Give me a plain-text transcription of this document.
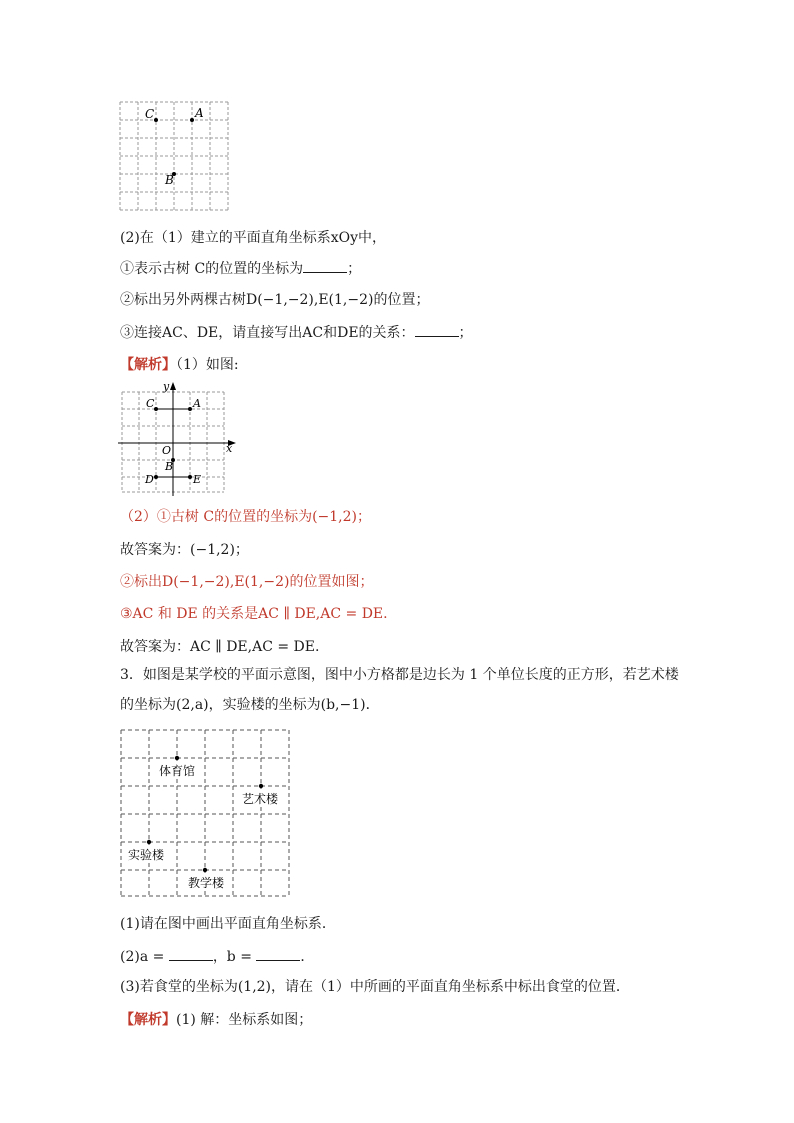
C	A
B
(2)在（1）建立的平面直角坐标系xOy中，
①表示古树 C的位置的坐标为	；
②标出另外两棵古树D(−1,−2),E(1,−2)的位置；
③连接AC、DE，请直接写出AC和DE的关系：	；
【解析】（1）如图:
y
x
O
C	A
B
D	E
（2）①古树 C的位置的坐标为(−1,2)；
故答案为：(−1,2)；
②标出D(−1,−2),E(1,−2)的位置如图；
③AC 和 DE 的关系是AC ∥ DE,AC = DE.
故答案为：AC ∥ DE,AC = DE.
3．如图是某学校的平面示意图，图中小方格都是边长为 1 个单位长度的正方形，若艺术楼
的坐标为(2,a)，实验楼的坐标为(b,−1)．
体育馆
艺术楼
实验楼
教学楼
(1)请在图中画出平面直角坐标系．
(2)a =	，b =	．
(3)若食堂的坐标为(1,2)，请在（1）中所画的平面直角坐标系中标出食堂的位置．
【解析】(1) 解：坐标系如图；
